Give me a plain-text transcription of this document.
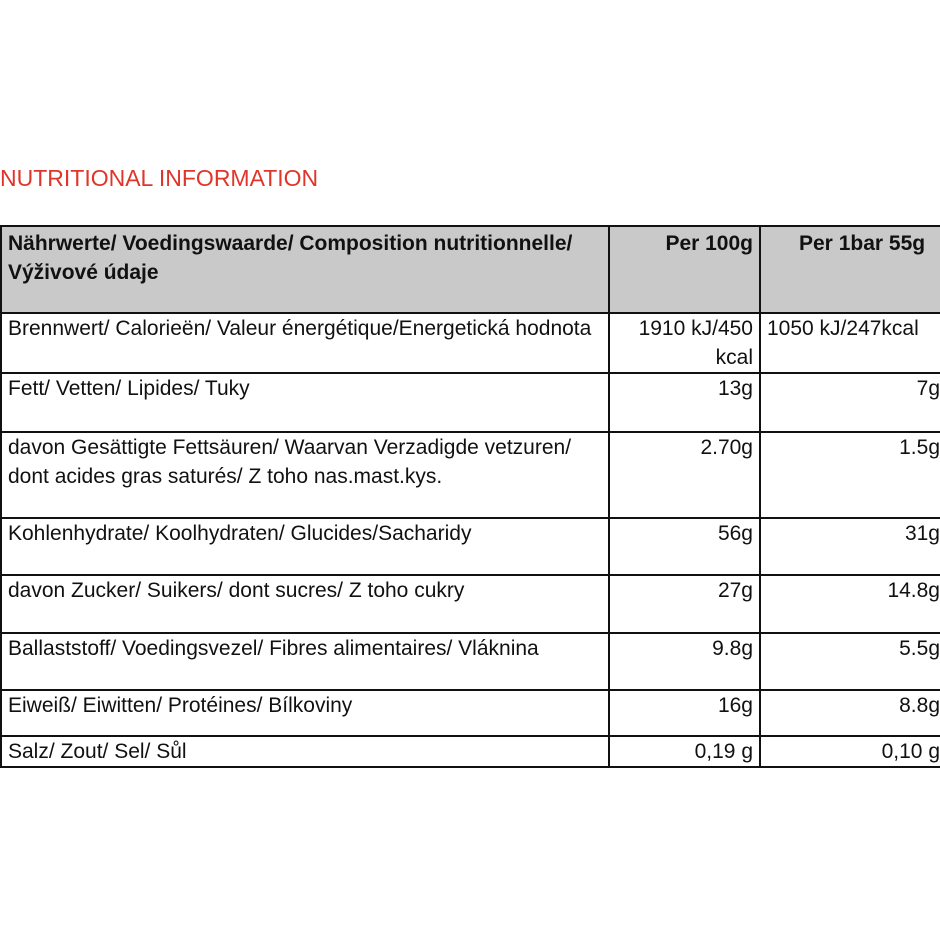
NUTRITIONAL INFORMATION
Nährwerte/ Voedingswaarde/ Composition nutritionnelle/ Výživové údaje	Per 100g	Per 1bar 55g
Brennwert/ Calorieën/ Valeur énergétique/Energetická hodnota	1910 kJ/450 kcal	1050 kJ/247kcal
Fett/ Vetten/ Lipides/ Tuky	13g	7g
davon Gesättigte Fettsäuren/ Waarvan Verzadigde vetzuren/ dont acides gras saturés/ Z toho nas.mast.kys.	2.70g	1.5g
Kohlenhydrate/ Koolhydraten/ Glucides/Sacharidy	56g	31g
davon Zucker/ Suikers/ dont sucres/ Z toho cukry	27g	14.8g
Ballaststoff/ Voedingsvezel/ Fibres alimentaires/ Vláknina	9.8g	5.5g
Eiweiß/ Eiwitten/ Protéines/ Bílkoviny	16g	8.8g
Salz/ Zout/ Sel/ Sůl	0,19 g	0,10 g
